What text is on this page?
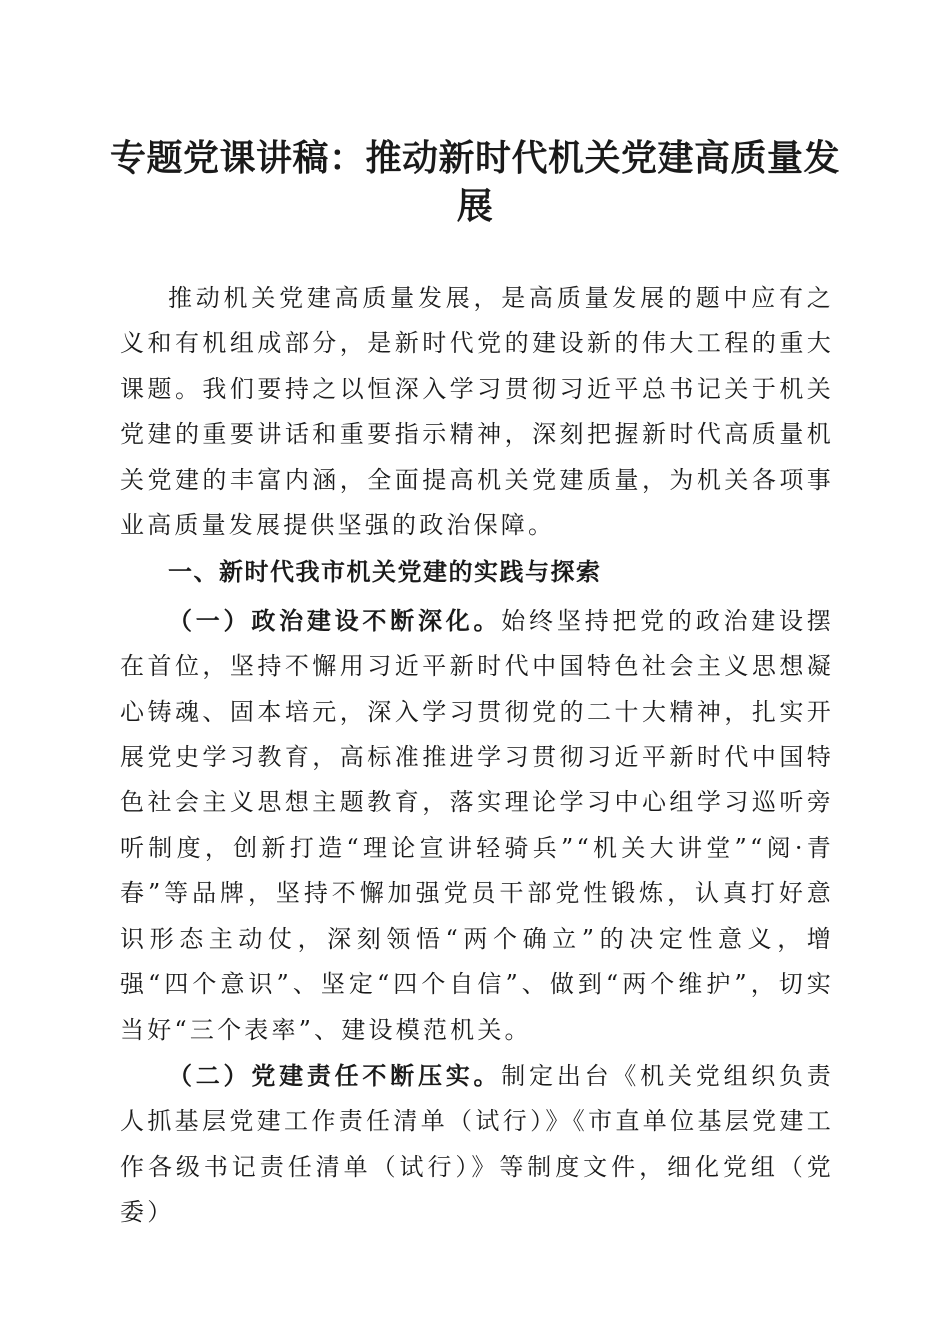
专题党课讲稿：推动新时代机关党建高质量发展

推动机关党建高质量发展，是高质量发展的题中应有之义和有机组成部分，是新时代党的建设新的伟大工程的重大课题。我们要持之以恒深入学习贯彻习近平总书记关于机关党建的重要讲话和重要指示精神，深刻把握新时代高质量机关党建的丰富内涵，全面提高机关党建质量，为机关各项事业高质量发展提供坚强的政治保障。

一、新时代我市机关党建的实践与探索

（一）政治建设不断深化。始终坚持把党的政治建设摆在首位，坚持不懈用习近平新时代中国特色社会主义思想凝心铸魂、固本培元，深入学习贯彻党的二十大精神，扎实开展党史学习教育，高标准推进学习贯彻习近平新时代中国特色社会主义思想主题教育，落实理论学习中心组学习巡听旁听制度，创新打造“理论宣讲轻骑兵”“机关大讲堂”“阅·青春”等品牌，坚持不懈加强党员干部党性锻炼，认真打好意识形态主动仗，深刻领悟“两个确立”的决定性意义，增强“四个意识”、坚定“四个自信”、做到“两个维护”，切实当好“三个表率”、建设模范机关。

（二）党建责任不断压实。制定出台《机关党组织负责人抓基层党建工作责任清单（试行）》《市直单位基层党建工作各级书记责任清单（试行）》等制度文件，细化党组（党委）
